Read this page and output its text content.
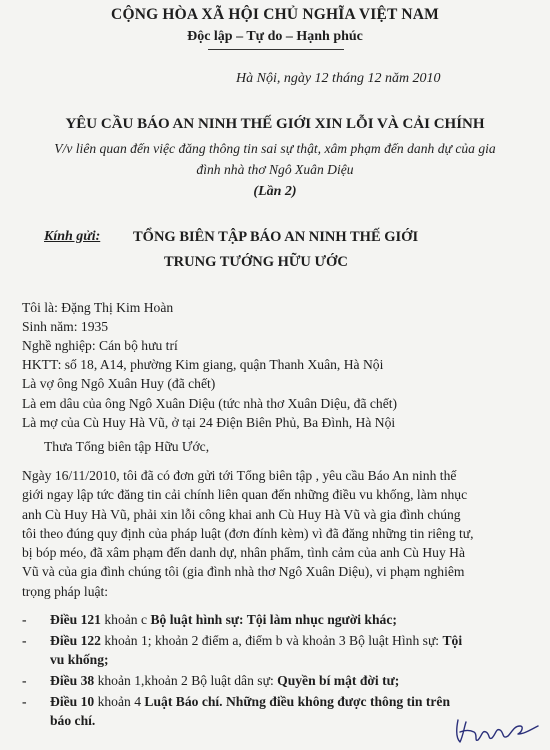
CỘNG HÒA XÃ HỘI CHỦ NGHĨA VIỆT NAM
Độc lập – Tự do – Hạnh phúc
Hà Nội, ngày 12 tháng 12 năm 2010
YÊU CẦU BÁO AN NINH THẾ GIỚI XIN LỖI VÀ CẢI CHÍNH
V/v liên quan đến việc đăng thông tin sai sự thật, xâm phạm đến danh dự của gia
đình nhà thơ Ngô Xuân Diệu
(Lần 2)
Kính gửi: TỔNG BIÊN TẬP BÁO AN NINH THẾ GIỚI
TRUNG TƯỚNG HỮU ƯỚC
Tôi là: Đặng Thị Kim Hoàn
Sinh năm: 1935
Nghề nghiệp: Cán bộ hưu trí
HKTT: số 18, A14, phường Kim giang, quận Thanh Xuân, Hà Nội
Là vợ ông Ngô Xuân Huy (đã chết)
Là em dâu của ông Ngô Xuân Diệu (tức nhà thơ Xuân Diệu, đã chết)
Là mợ của Cù Huy Hà Vũ, ở tại 24 Điện Biên Phủ, Ba Đình, Hà Nội
Thưa Tổng biên tập Hữu Ước,
Ngày 16/11/2010, tôi đã có đơn gửi tới Tổng biên tập , yêu cầu Báo An ninh thế
giới ngay lập tức đăng tin cải chính liên quan đến những điều vu khống, làm nhục
anh Cù Huy Hà Vũ, phải xin lỗi công khai anh Cù Huy Hà Vũ và gia đình chúng
tôi theo đúng quy định của pháp luật (đơn đính kèm) vì đã đăng những tin riêng tư,
bị bóp méo, đã xâm phạm đến danh dự, nhân phẩm, tình cảm của anh Cù Huy Hà
Vũ và của gia đình chúng tôi (gia đình nhà thơ Ngô Xuân Diệu), vi phạm nghiêm
trọng pháp luật:
- Điều 121 khoản c Bộ luật hình sự: Tội làm nhục người khác;
- Điều 122 khoản 1; khoản 2 điểm a, điểm b và khoản 3 Bộ luật Hình sự: Tội
vu khống;
- Điều 38 khoản 1,khoản 2 Bộ luật dân sự: Quyền bí mật đời tư;
- Điều 10 khoản 4 Luật Báo chí. Những điều không được thông tin trên
báo chí.
